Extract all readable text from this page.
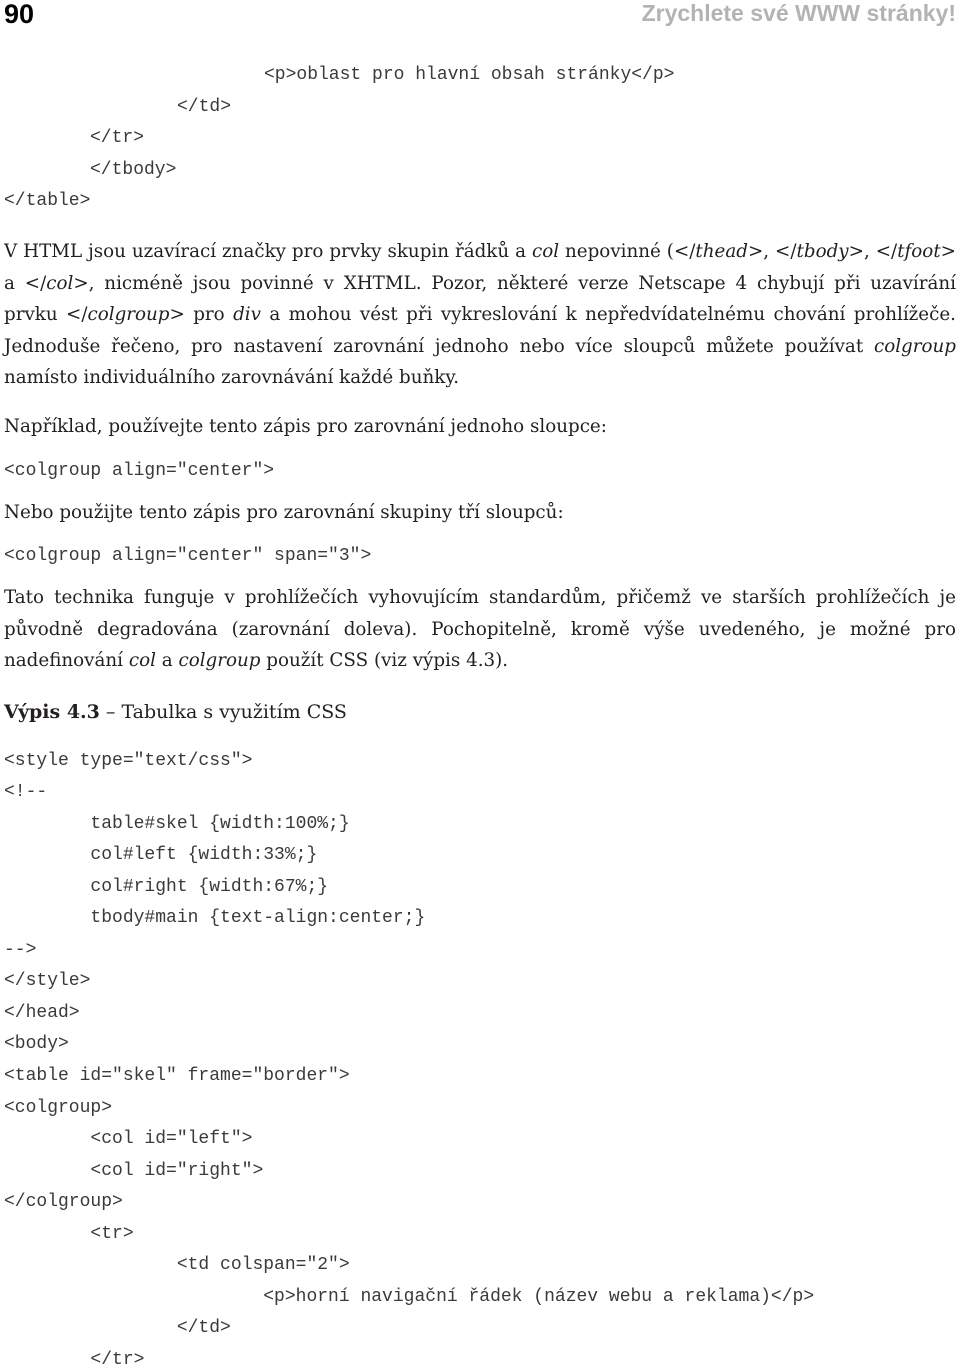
90	Zrychlete své WWW stránky!
<p>oblast pro hlavní obsah stránky</p>
</td>
</tr>
</tbody>
</table>

V HTML jsou uzavírací značky pro prvky skupin řádků a col nepovinné (</thead>, </tbody>, </tfoot> a </col>, nicméně jsou povinné v XHTML. Pozor, některé verze Netscape 4 chybují při uzavírání prvku </colgroup> pro div a mohou vést při vykreslování k nepředvídatelnému chování prohlížeče. Jednoduše řečeno, pro nastavení zarovnání jednoho nebo více sloupců můžete používat colgroup namísto individuálního zarovnávání každé buňky.

Například, používejte tento zápis pro zarovnání jednoho sloupce:

<colgroup align="center">

Nebo použijte tento zápis pro zarovnání skupiny tří sloupců:

<colgroup align="center" span="3">

Tato technika funguje v prohlížečích vyhovujícím standardům, přičemž ve starších prohlížečích je původně degradována (zarovnání doleva). Pochopitelně, kromě výše uvedeného, je možné pro nadefinování col a colgroup použít CSS (viz výpis 4.3).

Výpis 4.3 – Tabulka s využitím CSS

<style type="text/css">
<!--
table#skel {width:100%;}
col#left {width:33%;}
col#right {width:67%;}
tbody#main {text-align:center;}
-->
</style>
</head>
<body>
<table id="skel" frame="border">
<colgroup>
<col id="left">
<col id="right">
</colgroup>
<tr>
<td colspan="2">
<p>horní navigační řádek (název webu a reklama)</p>
</td>
</tr>
